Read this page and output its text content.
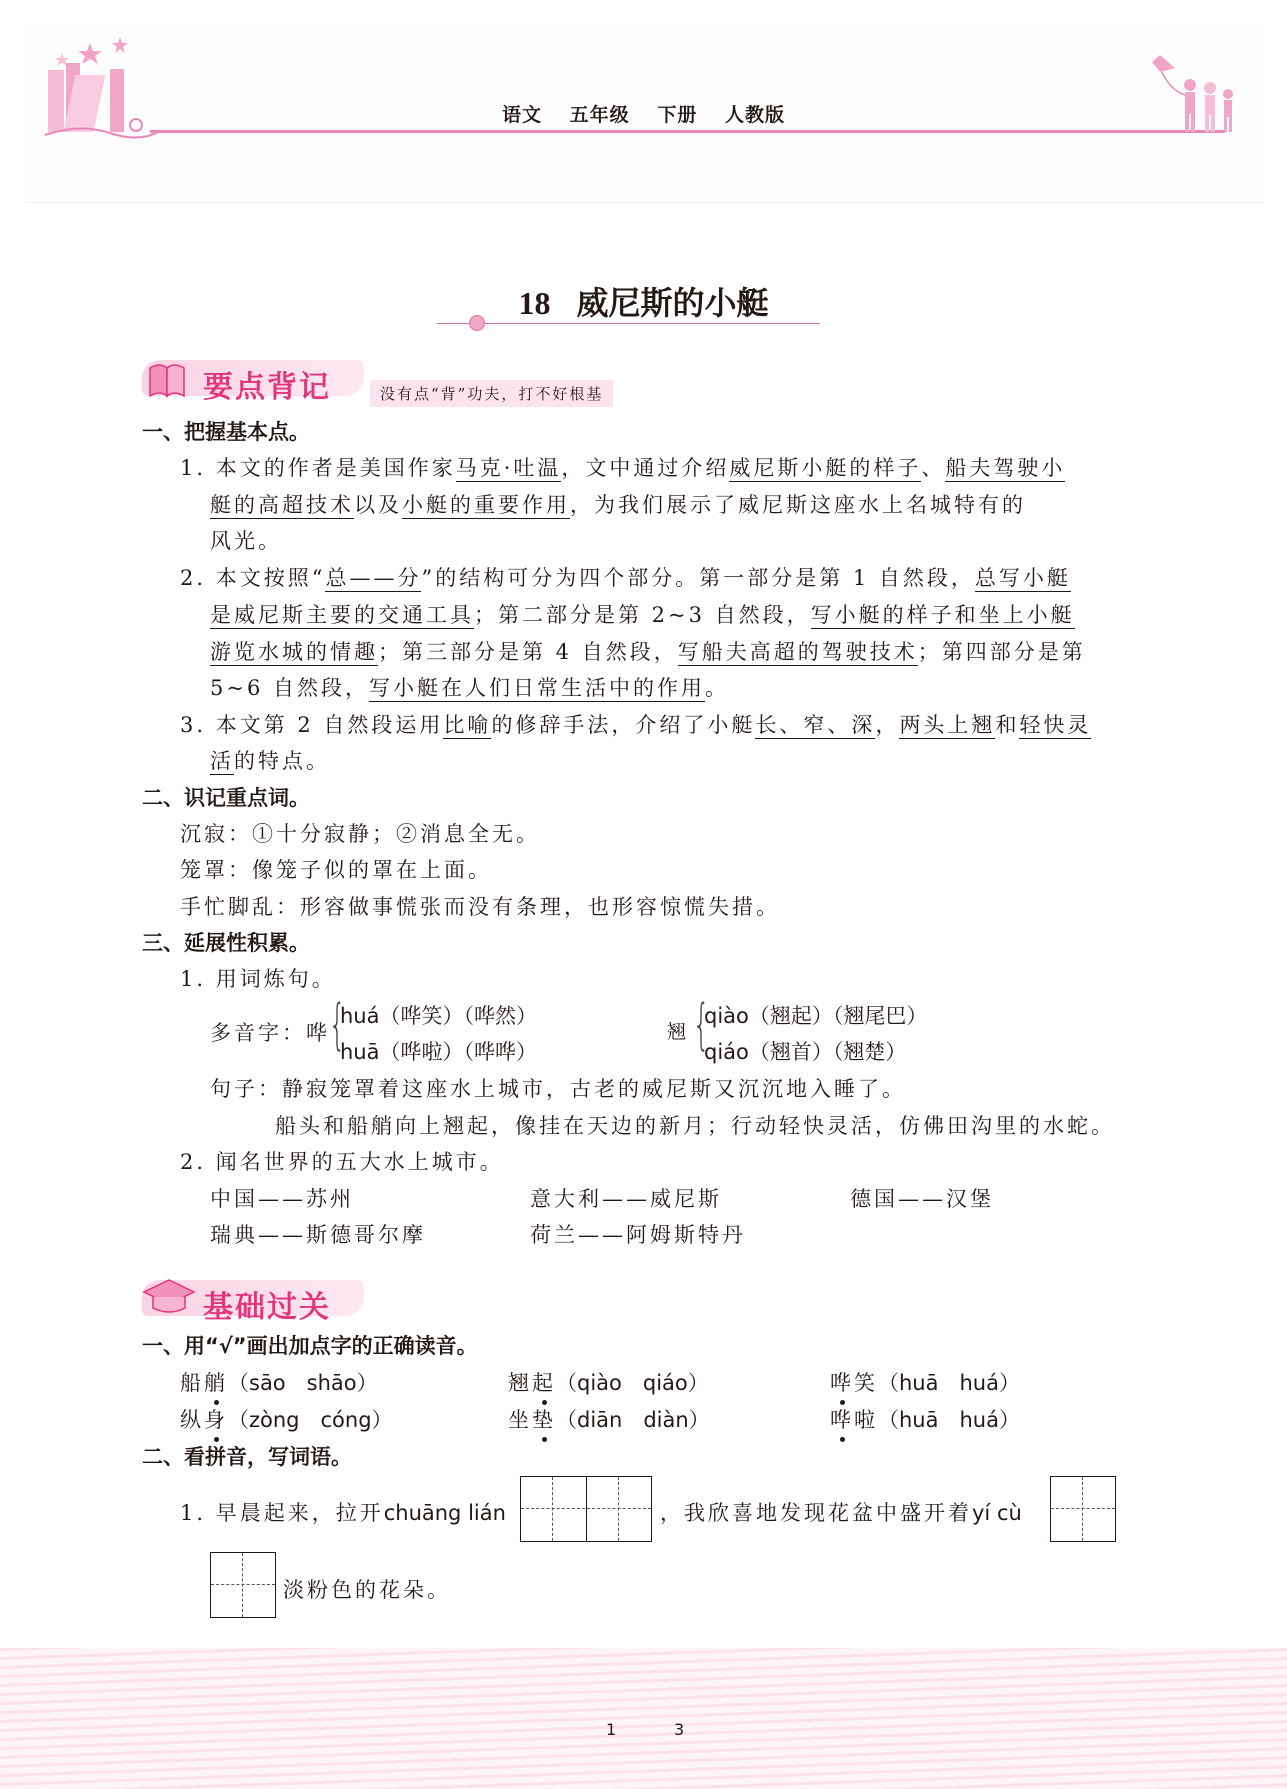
语文 五年级 下册 人教版
18 威尼斯的小艇
要点背记	没有点“背”功夫，打不好根基
一、把握基本点。
1. 本文的作者是美国作家马克·吐温，文中通过介绍威尼斯小艇的样子、船夫驾驶小
艇的高超技术以及小艇的重要作用，为我们展示了威尼斯这座水上名城特有的
风光。
2. 本文按照“总——分”的结构可分为四个部分。第一部分是第 1 自然段，总写小艇
是威尼斯主要的交通工具；第二部分是第 2~3 自然段，写小艇的样子和坐上小艇
游览水城的情趣；第三部分是第 4 自然段，写船夫高超的驾驶技术；第四部分是第
5~6 自然段，写小艇在人们日常生活中的作用。
3. 本文第 2 自然段运用比喻的修辞手法，介绍了小艇长、窄、深，两头上翘和轻快灵
活的特点。
二、识记重点词。
沉寂：①十分寂静；②消息全无。
笼罩：像笼子似的罩在上面。
手忙脚乱：形容做事慌张而没有条理，也形容惊慌失措。
三、延展性积累。
1. 用词炼句。
多音字：哗
{
huá（哗笑）（哗然）
huā（哗啦）（哗哗）
翘 {
qiào（翘起）（翘尾巴）
qiáo（翘首）（翘楚）
句子：静寂笼罩着这座水上城市，古老的威尼斯又沉沉地入睡了。
船头和船艄向上翘起，像挂在天边的新月；行动轻快灵活，仿佛田沟里的水蛇。
2. 闻名世界的五大水上城市。
中国——苏州	意大利——威尼斯	德国——汉堡
瑞典——斯德哥尔摩	荷兰——阿姆斯特丹
基础过关
一、用“√”画出加点字的正确读音。
船艄（sāo　shāo）	翘起（qiào　qiáo）	哗笑（huā　huá）
纵身（zòng　cóng）	坐垫（diān　diàn）	哗啦（huā　huá）
二、看拼音，写词语。
1. 早晨起来，拉开chuāng lián	，我欣喜地发现花盆中盛开着yí cù
淡粉色的花朵。
1	3
